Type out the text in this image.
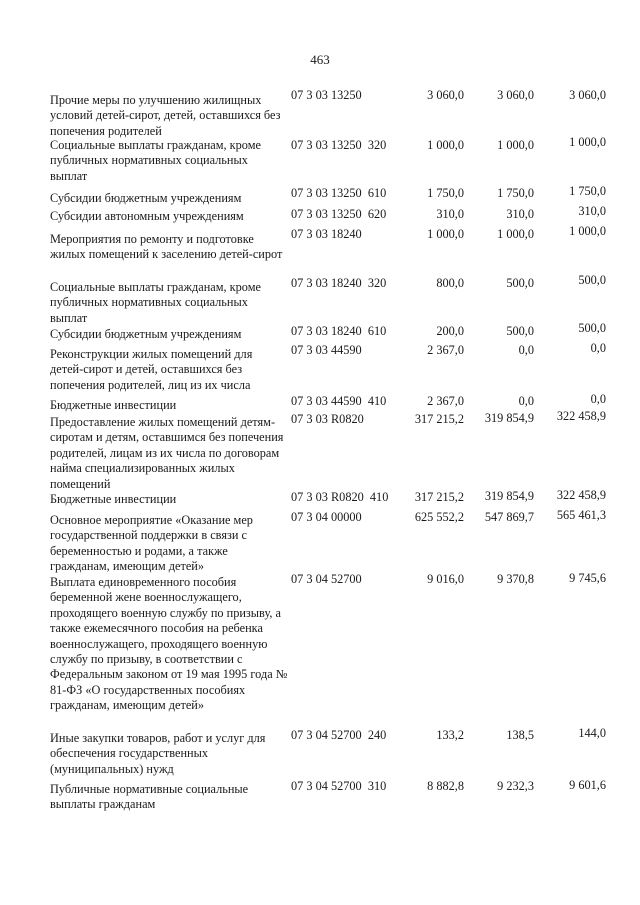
463
Прочие меры по улучшению жилищных условий детей-сирот, детей, оставшихся без попечения родителей
07 3 03 13250	3 060,0	3 060,0	3 060,0
Социальные выплаты гражданам, кроме публичных нормативных социальных выплат
07 3 03 13250  320	1 000,0	1 000,0	1 000,0
Субсидии бюджетным учреждениям	07 3 03 13250  610	1 750,0	1 750,0	1 750,0
Субсидии автономным учреждениям	07 3 03 13250  620	310,0	310,0	310,0
Мероприятия по ремонту и подготовке жилых помещений к заселению детей-сирот
07 3 03 18240	1 000,0	1 000,0	1 000,0
Социальные выплаты гражданам, кроме публичных нормативных социальных выплат
07 3 03 18240  320	800,0	500,0	500,0
Субсидии бюджетным учреждениям	07 3 03 18240  610	200,0	500,0	500,0
Реконструкции жилых помещений для детей-сирот и детей, оставшихся без попечения родителей, лиц из их числа
07 3 03 44590	2 367,0	0,0	0,0
Бюджетные инвестиции	07 3 03 44590  410	2 367,0	0,0	0,0
Предоставление жилых помещений детям-сиротам и детям, оставшимся без попечения родителей, лицам из их числа по договорам найма специализированных жилых помещений
07 3 03 R0820	317 215,2	319 854,9	322 458,9
Бюджетные инвестиции	07 3 03 R0820  410	317 215,2	319 854,9	322 458,9
Основное мероприятие «Оказание мер государственной поддержки в связи с беременностью и родами, а также гражданам, имеющим детей»
07 3 04 00000	625 552,2	547 869,7	565 461,3
Выплата единовременного пособия беременной жене военнослужащего, проходящего военную службу по призыву, а также ежемесячного пособия на ребенка военнослужащего, проходящего военную службу по призыву, в соответствии с Федеральным законом от 19 мая 1995 года № 81-ФЗ «О государственных пособиях гражданам, имеющим детей»
07 3 04 52700	9 016,0	9 370,8	9 745,6
Иные закупки товаров, работ и услуг для обеспечения государственных (муниципальных) нужд
07 3 04 52700  240	133,2	138,5	144,0
Публичные нормативные социальные выплаты гражданам
07 3 04 52700  310	8 882,8	9 232,3	9 601,6
